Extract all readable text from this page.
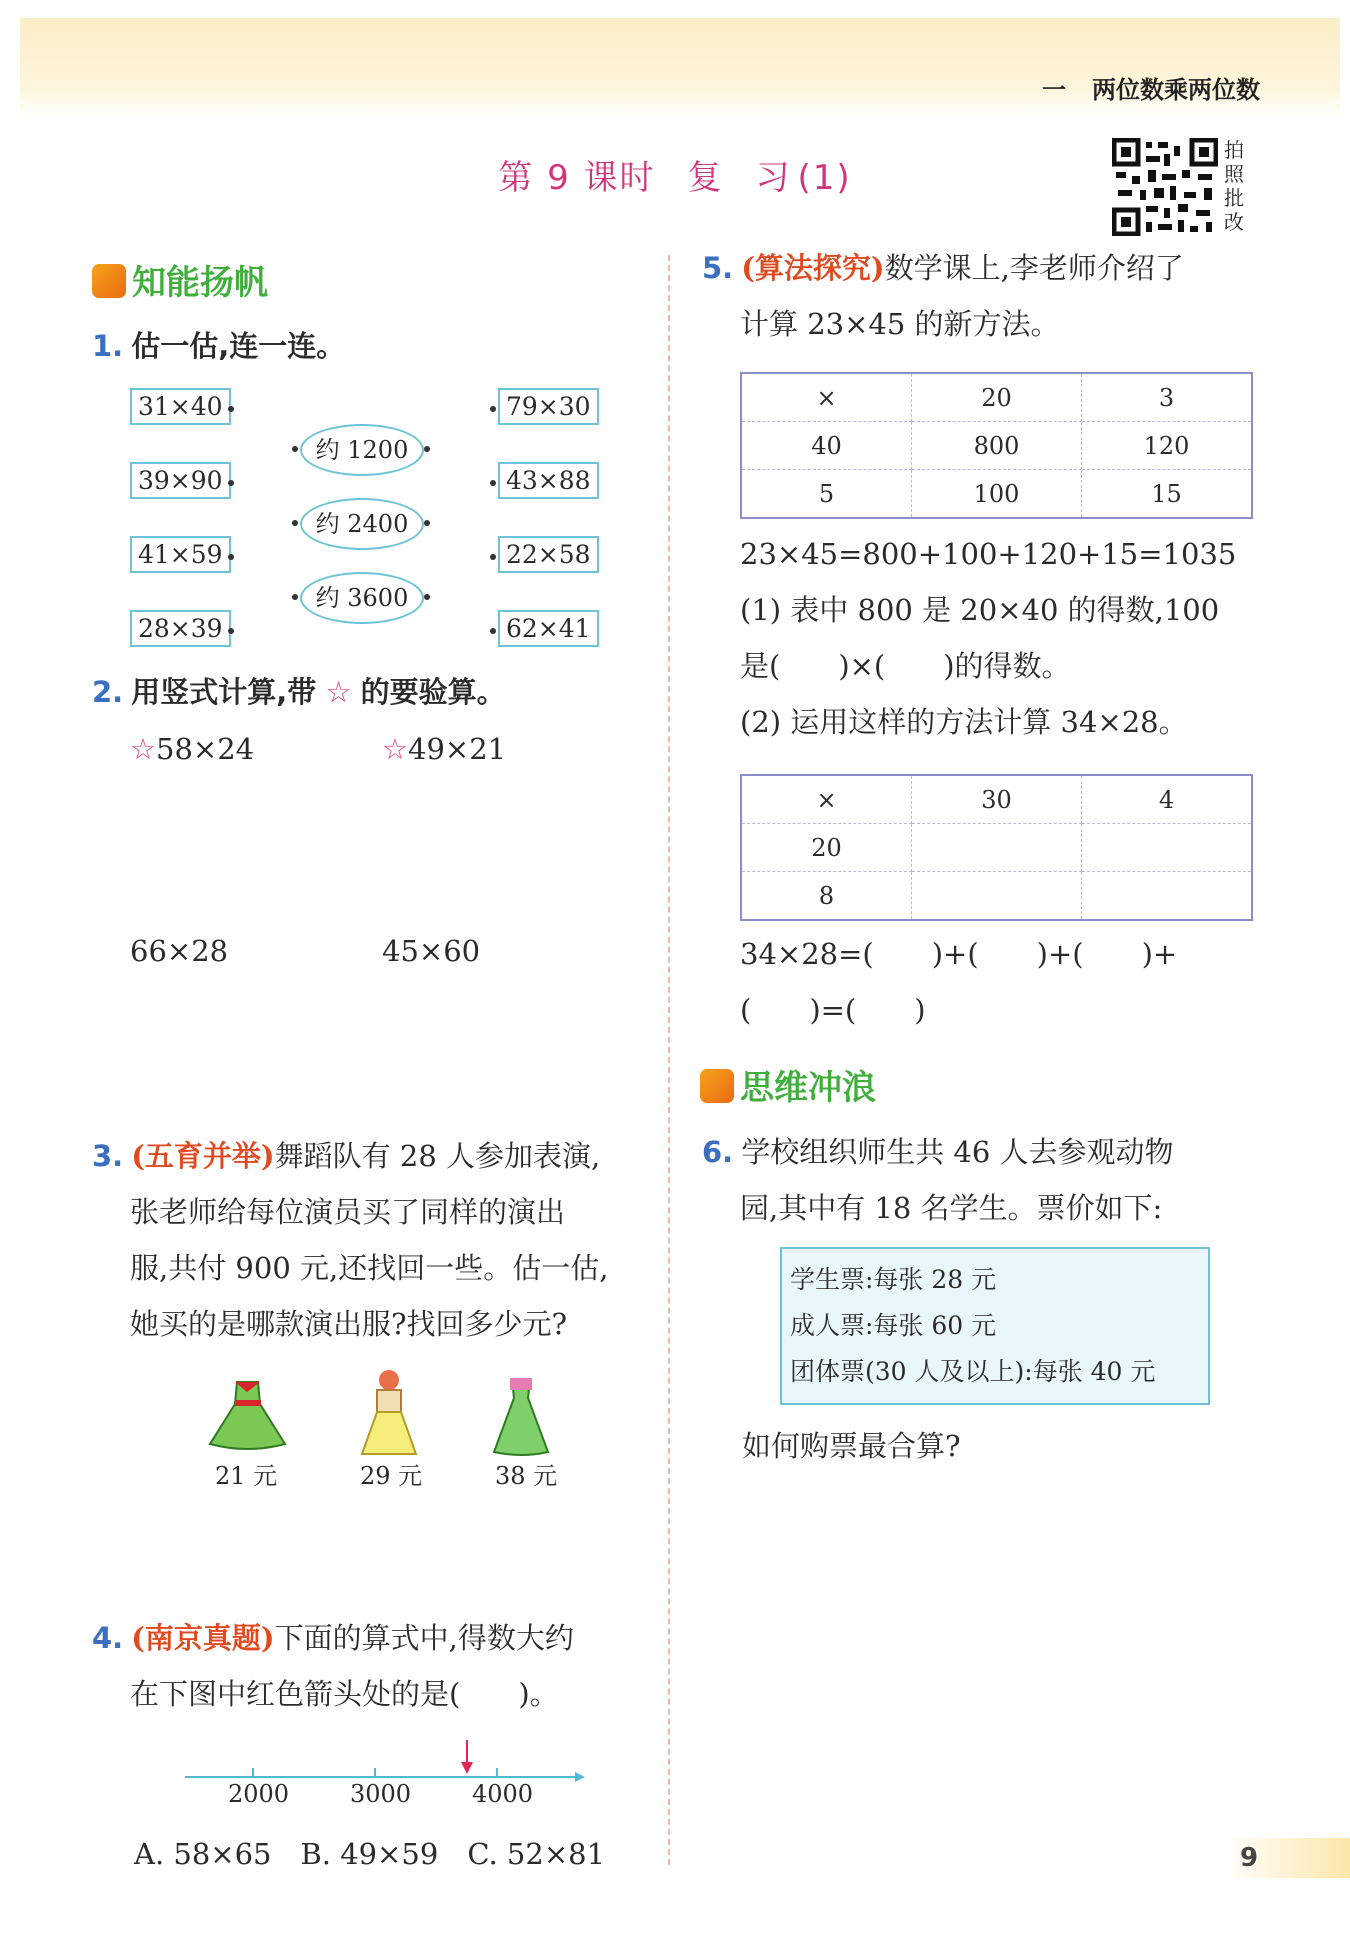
一 两位数乘两位数
第 9 课时 复 习 (1)
拍照批改
知能扬帆
1. 估一估,连一连。
31×40
39×90
41×59
28×39
约 1200
约 2400
约 3600
79×30
43×88
22×58
62×41
2. 用竖式计算,带 ☆ 的要验算。
☆58×24	☆49×21
66×28	45×60
3. (五育并举)舞蹈队有 28 人参加表演,
张老师给每位演员买了同样的演出
服,共付 900 元,还找回一些。估一估,
她买的是哪款演出服?找回多少元?
21 元	29 元	38 元
4. (南京真题)下面的算式中,得数大约
在下图中红色箭头处的是(　　)。
2000	3000	4000
A. 58×65　B. 49×59　C. 52×81
5. (算法探究)数学课上,李老师介绍了
计算 23×45 的新方法。
×	20	3
40	800	120
5	100	15
23×45=800+100+120+15=1035
(1) 表中 800 是 20×40 的得数,100
是(　　)×(　　)的得数。
(2) 运用这样的方法计算 34×28。
×	30	4
20		
8		
34×28=(　　)+(　　)+(　　)+
(　　)=(　　)
思维冲浪
6. 学校组织师生共 46 人去参观动物
园,其中有 18 名学生。票价如下:
学生票:每张 28 元
成人票:每张 60 元
团体票(30 人及以上):每张 40 元
如何购票最合算?
9
